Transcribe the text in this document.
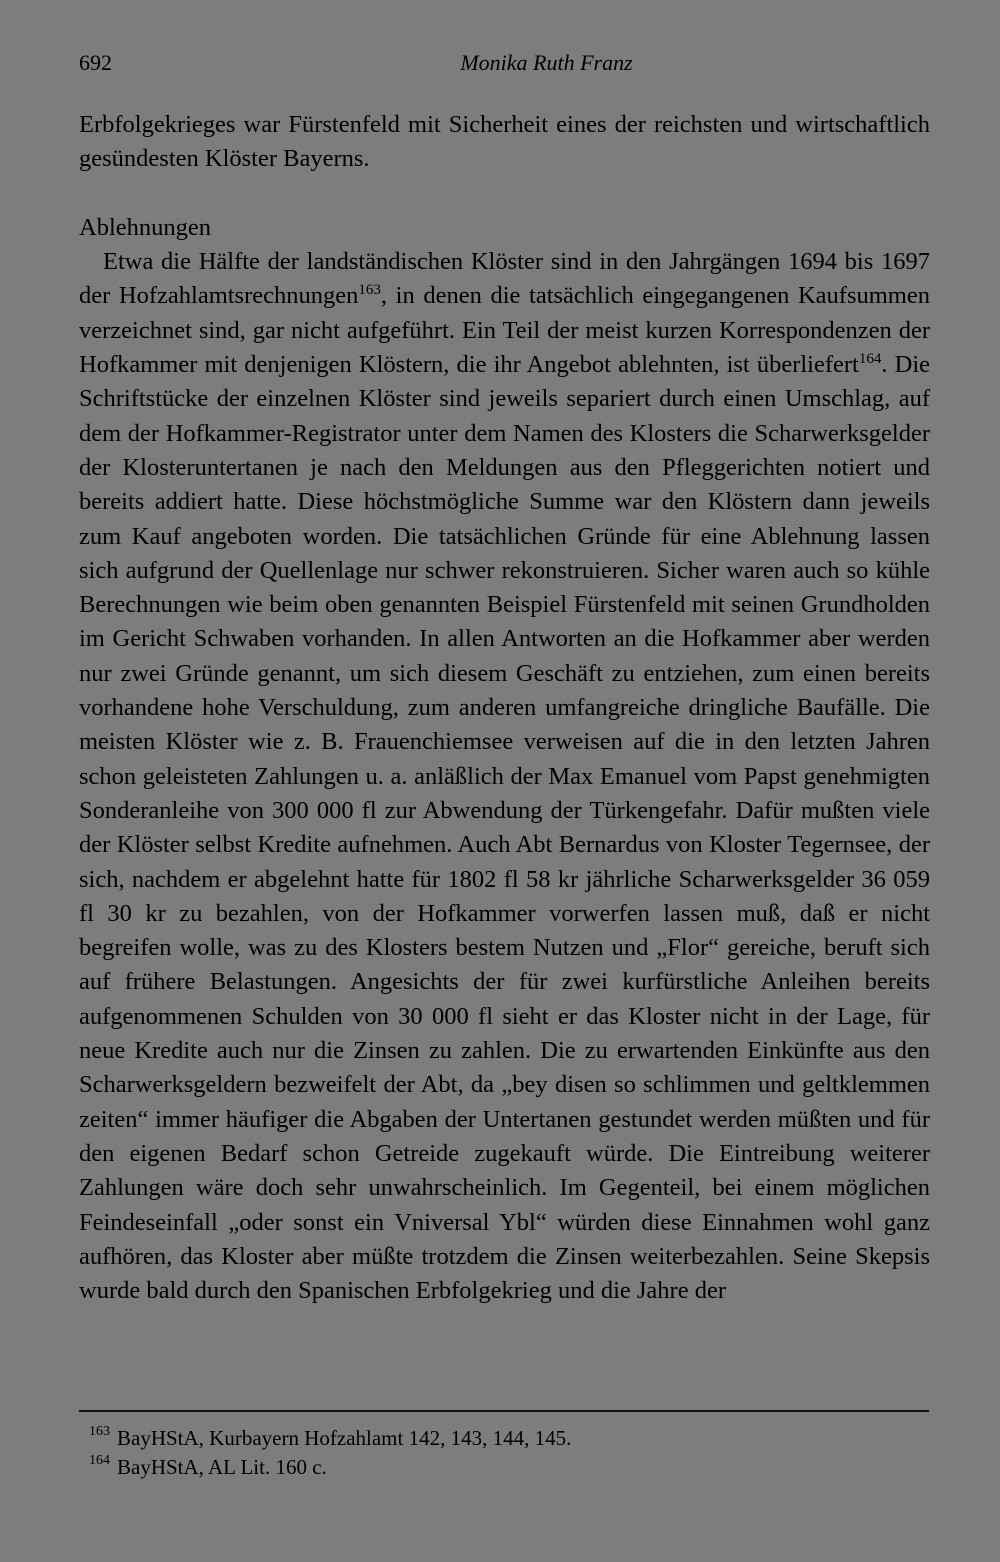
692	Monika Ruth Franz

Erbfolgekrieges war Fürstenfeld mit Sicherheit eines der reichsten und wirtschaftlich gesündesten Klöster Bayerns.

Ablehnungen

Etwa die Hälfte der landständischen Klöster sind in den Jahrgängen 1694 bis 1697 der Hofzahlamtsrechnungen$^{163}$, in denen die tatsächlich eingegangenen Kaufsummen verzeichnet sind, gar nicht aufgeführt. Ein Teil der meist kurzen Korrespondenzen der Hofkammer mit denjenigen Klöstern, die ihr Angebot ablehnten, ist überliefert$^{164}$. Die Schriftstücke der einzelnen Klöster sind jeweils separiert durch einen Umschlag, auf dem der Hofkammer-Registrator unter dem Namen des Klosters die Scharwerksgelder der Klosteruntertanen je nach den Meldungen aus den Pfleggerichten notiert und bereits addiert hatte. Diese höchstmögliche Summe war den Klöstern dann jeweils zum Kauf angeboten worden. Die tatsächlichen Gründe für eine Ablehnung lassen sich aufgrund der Quellenlage nur schwer rekonstruieren. Sicher waren auch so kühle Berechnungen wie beim oben genannten Beispiel Fürstenfeld mit seinen Grundholden im Gericht Schwaben vorhanden. In allen Antworten an die Hofkammer aber werden nur zwei Gründe genannt, um sich diesem Geschäft zu entziehen, zum einen bereits vorhandene hohe Verschuldung, zum anderen umfangreiche dringliche Baufälle. Die meisten Klöster wie z. B. Frauenchiemsee verweisen auf die in den letzten Jahren schon geleisteten Zahlungen u. a. anläßlich der Max Emanuel vom Papst genehmigten Sonderanleihe von 300 000 fl zur Abwendung der Türkengefahr. Dafür mußten viele der Klöster selbst Kredite aufnehmen. Auch Abt Bernardus von Kloster Tegernsee, der sich, nachdem er abgelehnt hatte für 1802 fl 58 kr jährliche Scharwerksgelder 36 059 fl 30 kr zu bezahlen, von der Hofkammer vorwerfen lassen muß, daß er nicht begreifen wolle, was zu des Klosters bestem Nutzen und „Flor“ gereiche, beruft sich auf frühere Belastungen. Angesichts der für zwei kurfürstliche Anleihen bereits aufgenommenen Schulden von 30 000 fl sieht er das Kloster nicht in der Lage, für neue Kredite auch nur die Zinsen zu zahlen. Die zu erwartenden Einkünfte aus den Scharwerksgeldern bezweifelt der Abt, da „bey disen so schlimmen und geltklemmen zeiten“ immer häufiger die Abgaben der Untertanen gestundet werden müßten und für den eigenen Bedarf schon Getreide zugekauft würde. Die Eintreibung weiterer Zahlungen wäre doch sehr unwahrscheinlich. Im Gegenteil, bei einem möglichen Feindeseinfall „oder sonst ein Vniversal Ybl“ würden diese Einnahmen wohl ganz aufhören, das Kloster aber müßte trotzdem die Zinsen weiterbezahlen. Seine Skepsis wurde bald durch den Spanischen Erbfolgekrieg und die Jahre der

163 BayHStA, Kurbayern Hofzahlamt 142, 143, 144, 145.
164 BayHStA, AL Lit. 160 c.
